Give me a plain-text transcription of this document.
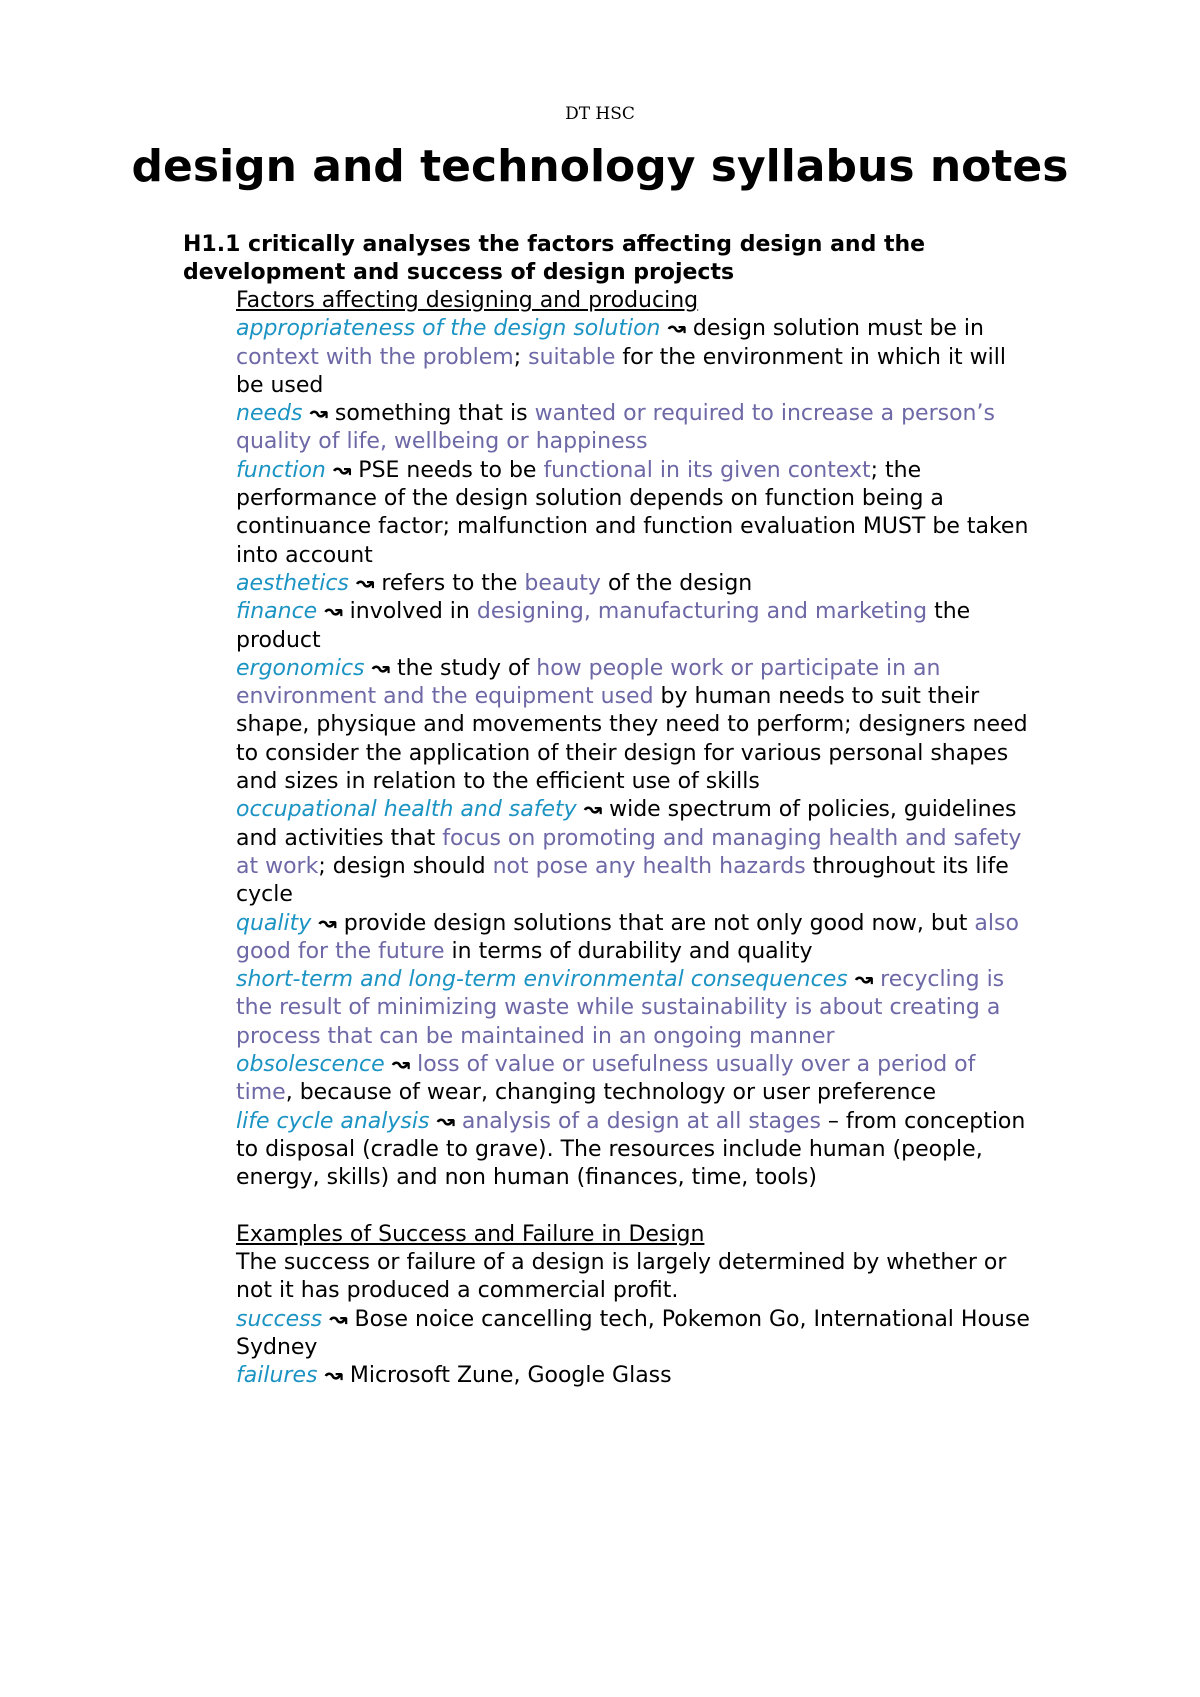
DT HSC
design and technology syllabus notes
H1.1 critically analyses the factors affecting design and the development and success of design projects
Factors affecting designing and producing

appropriateness of the design solution ↝ design solution must be in context with the problem; suitable for the environment in which it will be used

needs ↝ something that is wanted or required to increase a person’s quality of life, wellbeing or happiness

function ↝ PSE needs to be functional in its given context; the performance of the design solution depends on function being a continuance factor; malfunction and function evaluation MUST be taken into account

aesthetics ↝ refers to the beauty of the design

finance ↝ involved in designing, manufacturing and marketing the product

ergonomics ↝ the study of how people work or participate in an environment and the equipment used by human needs to suit their shape, physique and movements they need to perform; designers need to consider the application of their design for various personal shapes and sizes in relation to the efficient use of skills

occupational health and safety ↝ wide spectrum of policies, guidelines and activities that focus on promoting and managing health and safety at work; design should not pose any health hazards throughout its life cycle

quality ↝ provide design solutions that are not only good now, but also good for the future in terms of durability and quality

short-term and long-term environmental consequences ↝ recycling is the result of minimizing waste while sustainability is about creating a process that can be maintained in an ongoing manner

obsolescence ↝ loss of value or usefulness usually over a period of time, because of wear, changing technology or user preference

life cycle analysis ↝ analysis of a design at all stages – from conception to disposal (cradle to grave). The resources include human (people, energy, skills) and non human (finances, time, tools)

Examples of Success and Failure in Design

The success or failure of a design is largely determined by whether or not it has produced a commercial profit.

success ↝ Bose noice cancelling tech, Pokemon Go, International House Sydney

failures ↝ Microsoft Zune, Google Glass
